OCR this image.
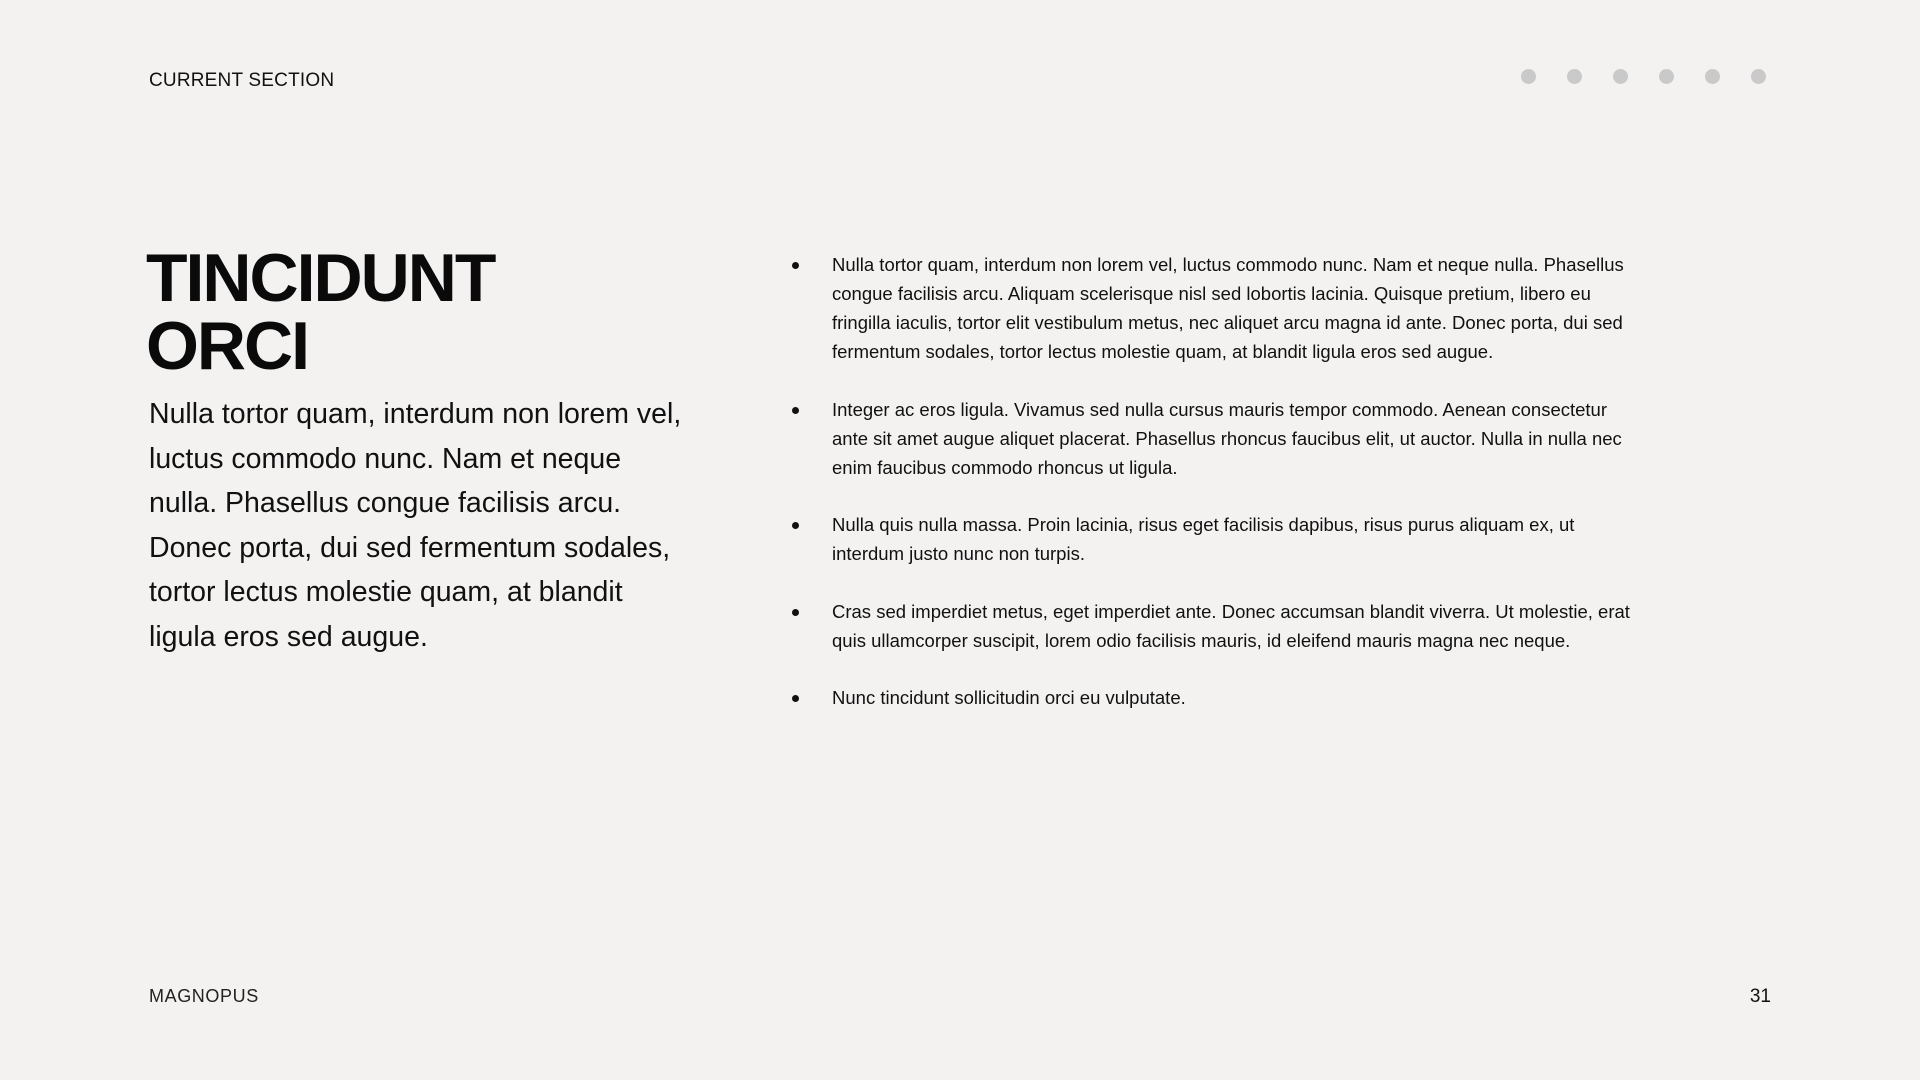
CURRENT SECTION
TINCIDUNT
ORCI

Nulla tortor quam, interdum non lorem vel, luctus commodo nunc. Nam et neque nulla. Phasellus congue facilisis arcu. Donec porta, dui sed fermentum sodales, tortor lectus molestie quam, at blandit ligula eros sed augue.

Nulla tortor quam, interdum non lorem vel, luctus commodo nunc. Nam et neque nulla. Phasellus congue facilisis arcu. Aliquam scelerisque nisl sed lobortis lacinia. Quisque pretium, libero eu fringilla iaculis, tortor elit vestibulum metus, nec aliquet arcu magna id ante. Donec porta, dui sed fermentum sodales, tortor lectus molestie quam, at blandit ligula eros sed augue.
Integer ac eros ligula. Vivamus sed nulla cursus mauris tempor commodo. Aenean consectetur ante sit amet augue aliquet placerat. Phasellus rhoncus faucibus elit, ut auctor. Nulla in nulla nec enim faucibus commodo rhoncus ut ligula.
Nulla quis nulla massa. Proin lacinia, risus eget facilisis dapibus, risus purus aliquam ex, ut interdum justo nunc non turpis.
Cras sed imperdiet metus, eget imperdiet ante. Donec accumsan blandit viverra. Ut molestie, erat quis ullamcorper suscipit, lorem odio facilisis mauris, id eleifend mauris magna nec neque.
Nunc tincidunt sollicitudin orci eu vulputate.
MAGNOPUS	31
